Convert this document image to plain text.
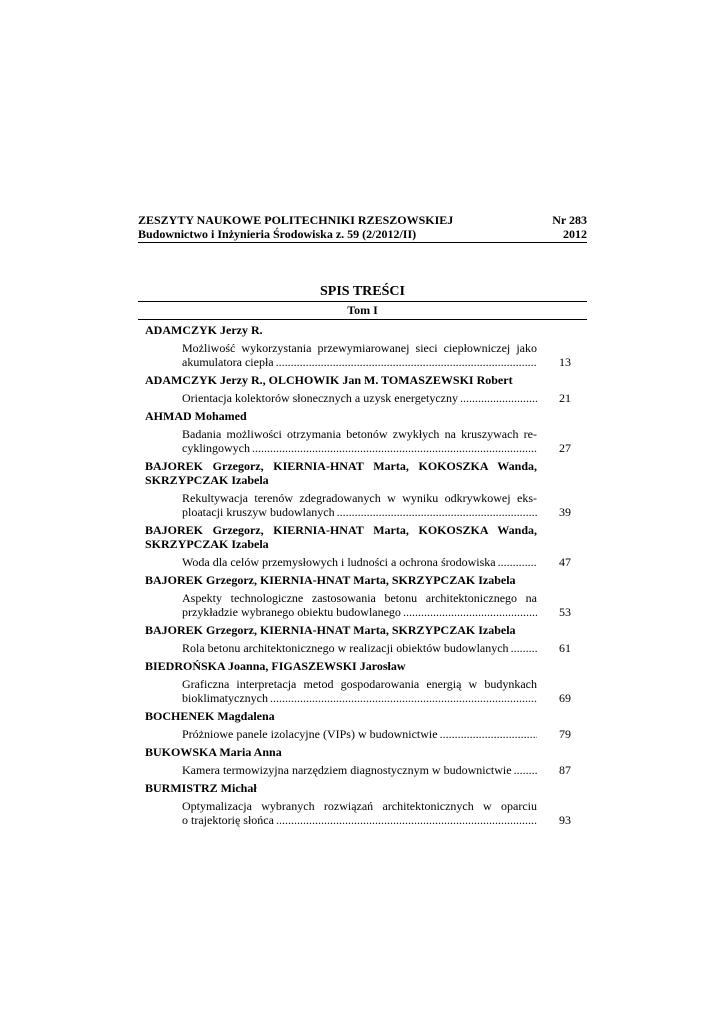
ZESZYTY NAUKOWE POLITECHNIKI RZESZOWSKIEJ	Nr 283
Budownictwo i Inżynieria Środowiska z. 59 (2/2012/II)	2012
SPIS TREŚCI
Tom I
ADAMCZYK Jerzy R.
Możliwość wykorzystania przewymiarowanej sieci ciepłowniczej jako
akumulatora ciepła .....	13
ADAMCZYK Jerzy R., OLCHOWIK Jan M. TOMASZEWSKI Robert
Orientacja kolektorów słonecznych a uzysk energetyczny .....	21
AHMAD Mohamed
Badania możliwości otrzymania betonów zwykłych na kruszywach re-
cyklingowych .....	27
BAJOREK Grzegorz, KIERNIA-HNAT Marta, KOKOSZKA Wanda, SKRZYPCZAK Izabela
Rekultywacja terenów zdegradowanych w wyniku odkrywkowej eks-
ploatacji kruszyw budowlanych .....	39
BAJOREK Grzegorz, KIERNIA-HNAT Marta, KOKOSZKA Wanda, SKRZYPCZAK Izabela
Woda dla celów przemysłowych i ludności a ochrona środowiska .....	47
BAJOREK Grzegorz, KIERNIA-HNAT Marta, SKRZYPCZAK Izabela
Aspekty technologiczne zastosowania betonu architektonicznego na
przykładzie wybranego obiektu budowlanego .....	53
BAJOREK Grzegorz, KIERNIA-HNAT Marta, SKRZYPCZAK Izabela
Rola betonu architektonicznego w realizacji obiektów budowlanych .....	61
BIEDROŃSKA Joanna, FIGASZEWSKI Jarosław
Graficzna interpretacja metod gospodarowania energią w budynkach
bioklimatycznych .....	69
BOCHENEK Magdalena
Próżniowe panele izolacyjne (VIPs) w budownictwie .....	79
BUKOWSKA Maria Anna
Kamera termowizyjna narzędziem diagnostycznym w budownictwie .....	87
BURMISTRZ Michał
Optymalizacja wybranych rozwiązań architektonicznych w oparciu
o trajektorię słońca .....	93
